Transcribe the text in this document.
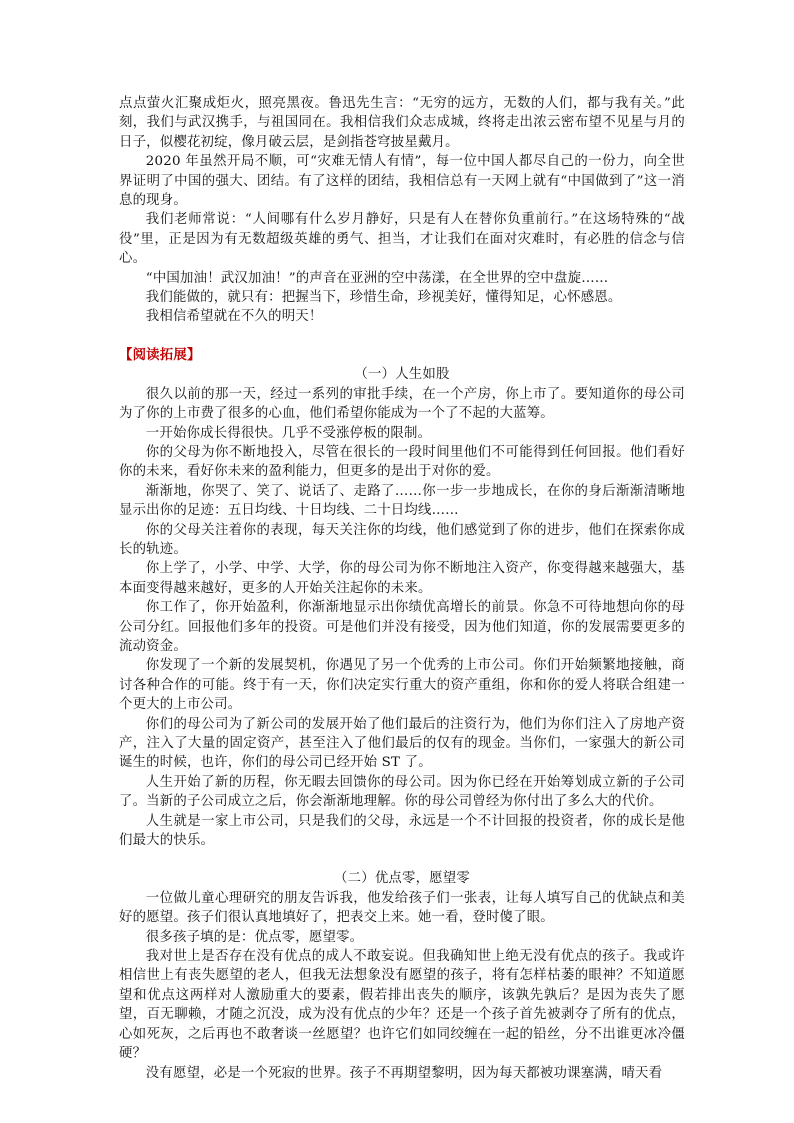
点点萤火汇聚成炬火，照亮黑夜。鲁迅先生言：“无穷的远方，无数的人们，都与我有关。”此刻，我们与武汉携手，与祖国同在。我相信我们众志成城，终将走出浓云密布望不见星与月的日子，似樱花初绽，像月破云层，是剑指苍穹披星戴月。

2020 年虽然开局不顺，可“灾难无情人有情”，每一位中国人都尽自己的一份力，向全世界证明了中国的强大、团结。有了这样的团结，我相信总有一天网上就有“中国做到了”这一消息的现身。

我们老师常说：“人间哪有什么岁月静好，只是有人在替你负重前行。”在这场特殊的“战役”里，正是因为有无数超级英雄的勇气、担当，才让我们在面对灾难时，有必胜的信念与信心。

“中国加油！武汉加油！”的声音在亚洲的空中荡漾，在全世界的空中盘旋……

我们能做的，就只有：把握当下，珍惜生命，珍视美好，懂得知足，心怀感恩。

我相信希望就在不久的明天！

【阅读拓展】

（一）人生如股

很久以前的那一天，经过一系列的审批手续，在一个产房，你上市了。要知道你的母公司为了你的上市费了很多的心血，他们希望你能成为一个了不起的大蓝筹。

一开始你成长得很快。几乎不受涨停板的限制。

你的父母为你不断地投入，尽管在很长的一段时间里他们不可能得到任何回报。他们看好你的未来，看好你未来的盈利能力，但更多的是出于对你的爱。

渐渐地，你哭了、笑了、说话了、走路了……你一步一步地成长，在你的身后渐渐清晰地显示出你的足迹：五日均线、十日均线、二十日均线……

你的父母关注着你的表现，每天关注你的均线，他们感觉到了你的进步，他们在探索你成长的轨迹。

你上学了，小学、中学、大学，你的母公司为你不断地注入资产，你变得越来越强大，基本面变得越来越好，更多的人开始关注起你的未来。

你工作了，你开始盈利，你渐渐地显示出你绩优高增长的前景。你急不可待地想向你的母公司分红。回报他们多年的投资。可是他们并没有接受，因为他们知道，你的发展需要更多的流动资金。

你发现了一个新的发展契机，你遇见了另一个优秀的上市公司。你们开始频繁地接触，商讨各种合作的可能。终于有一天，你们决定实行重大的资产重组，你和你的爱人将联合组建一个更大的上市公司。

你们的母公司为了新公司的发展开始了他们最后的注资行为，他们为你们注入了房地产资产，注入了大量的固定资产，甚至注入了他们最后的仅有的现金。当你们，一家强大的新公司诞生的时候，也许，你们的母公司已经开始 ST 了。

人生开始了新的历程，你无暇去回馈你的母公司。因为你已经在开始筹划成立新的子公司了。当新的子公司成立之后，你会渐渐地理解。你的母公司曾经为你付出了多么大的代价。

人生就是一家上市公司，只是我们的父母，永远是一个不计回报的投资者，你的成长是他们最大的快乐。

（二）优点零，愿望零

一位做儿童心理研究的朋友告诉我，他发给孩子们一张表，让每人填写自己的优缺点和美好的愿望。孩子们很认真地填好了，把表交上来。她一看，登时傻了眼。

很多孩子填的是：优点零，愿望零。

我对世上是否存在没有优点的成人不敢妄说。但我确知世上绝无没有优点的孩子。我或许相信世上有丧失愿望的老人，但我无法想象没有愿望的孩子，将有怎样枯萎的眼神？不知道愿望和优点这两样对人激励重大的要素，假若排出丧失的顺序，该孰先孰后？是因为丧失了愿望，百无聊赖，才随之沉没，成为没有优点的少年？还是一个孩子首先被剥夺了所有的优点，心如死灰，之后再也不敢奢谈一丝愿望？也许它们如同绞缠在一起的铅丝，分不出谁更冰冷僵硬？

没有愿望，必是一个死寂的世界。孩子不再期望黎明，因为每天都被功课塞满，晴天看
